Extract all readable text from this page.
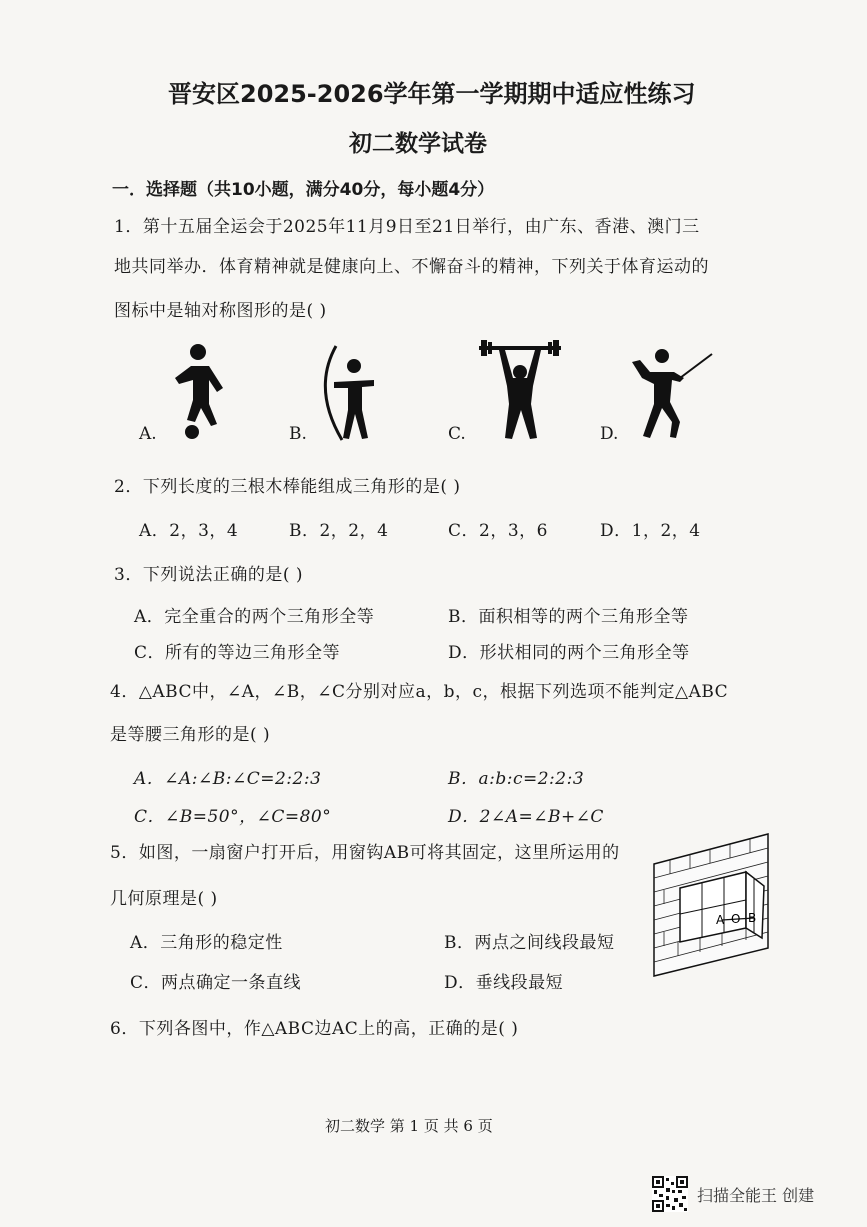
晋安区2025-2026学年第一学期期中适应性练习
初二数学试卷
一．选择题（共10小题，满分40分，每小题4分）
1．第十五届全运会于2025年11月9日至21日举行，由广东、香港、澳门三
地共同举办．体育精神就是健康向上、不懈奋斗的精神，下列关于体育运动的
图标中是轴对称图形的是( )
A.	B.	C.	D.
2．下列长度的三根木棒能组成三角形的是( )
A．2，3，4	B．2，2，4	C．2，3，6	D．1，2，4
3．下列说法正确的是( )
A．完全重合的两个三角形全等	B．面积相等的两个三角形全等
C．所有的等边三角形全等	D．形状相同的两个三角形全等
4．△ABC中，∠A，∠B，∠C分别对应a，b，c，根据下列选项不能判定△ABC
是等腰三角形的是( )
A．∠A:∠B:∠C=2:2:3	B．a:b:c=2:2:3
C．∠B=50°，∠C=80°	D．2∠A=∠B+∠C
5．如图，一扇窗户打开后，用窗钩AB可将其固定，这里所运用的
几何原理是( )
A．三角形的稳定性	B．两点之间线段最短
C．两点确定一条直线	D．垂线段最短
A O B
6．下列各图中，作△ABC边AC上的高，正确的是( )
初二数学 第 1 页 共 6 页
扫描全能王 创建
